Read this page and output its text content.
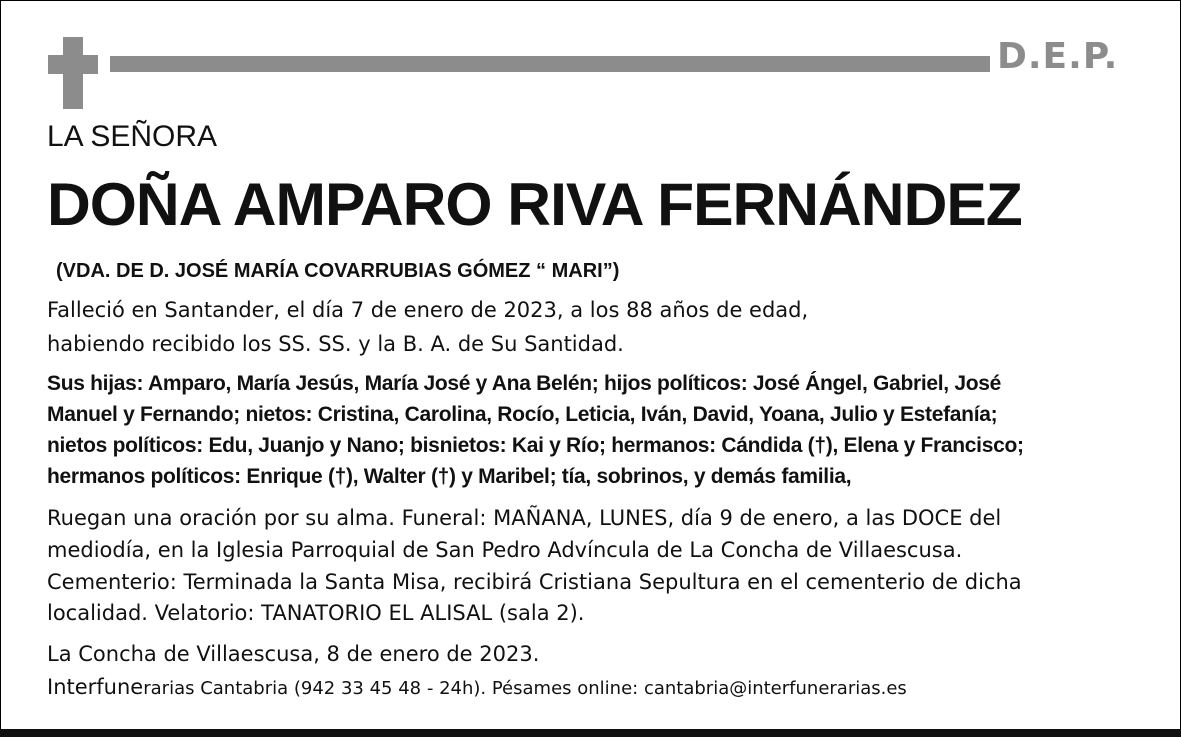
D.E.P.
LA SEÑORA
DOÑA AMPARO RIVA FERNÁNDEZ
(VDA. DE D. JOSÉ MARÍA COVARRUBIAS GÓMEZ “ MARI”)
Falleció en Santander, el día 7 de enero de 2023, a los 88 años de edad,
habiendo recibido los SS. SS. y la B. A. de Su Santidad.
Sus hijas: Amparo, María Jesús, María José y Ana Belén; hijos políticos: José Ángel, Gabriel, José
Manuel y Fernando; nietos: Cristina, Carolina, Rocío, Leticia, Iván, David, Yoana, Julio y Estefanía;
nietos políticos: Edu, Juanjo y Nano; bisnietos: Kai y Río; hermanos: Cándida (†), Elena y Francisco;
hermanos políticos: Enrique (†), Walter (†) y Maribel; tía, sobrinos, y demás familia,
Ruegan una oración por su alma. Funeral: MAÑANA, LUNES, día 9 de enero, a las DOCE del
mediodía, en la Iglesia Parroquial de San Pedro Advíncula de La Concha de Villaescusa.
Cementerio: Terminada la Santa Misa, recibirá Cristiana Sepultura en el cementerio de dicha
localidad. Velatorio: TANATORIO EL ALISAL (sala 2).
La Concha de Villaescusa, 8 de enero de 2023.
Interfunerarias Cantabria (942 33 45 48 - 24h). Pésames online: cantabria@interfunerarias.es
